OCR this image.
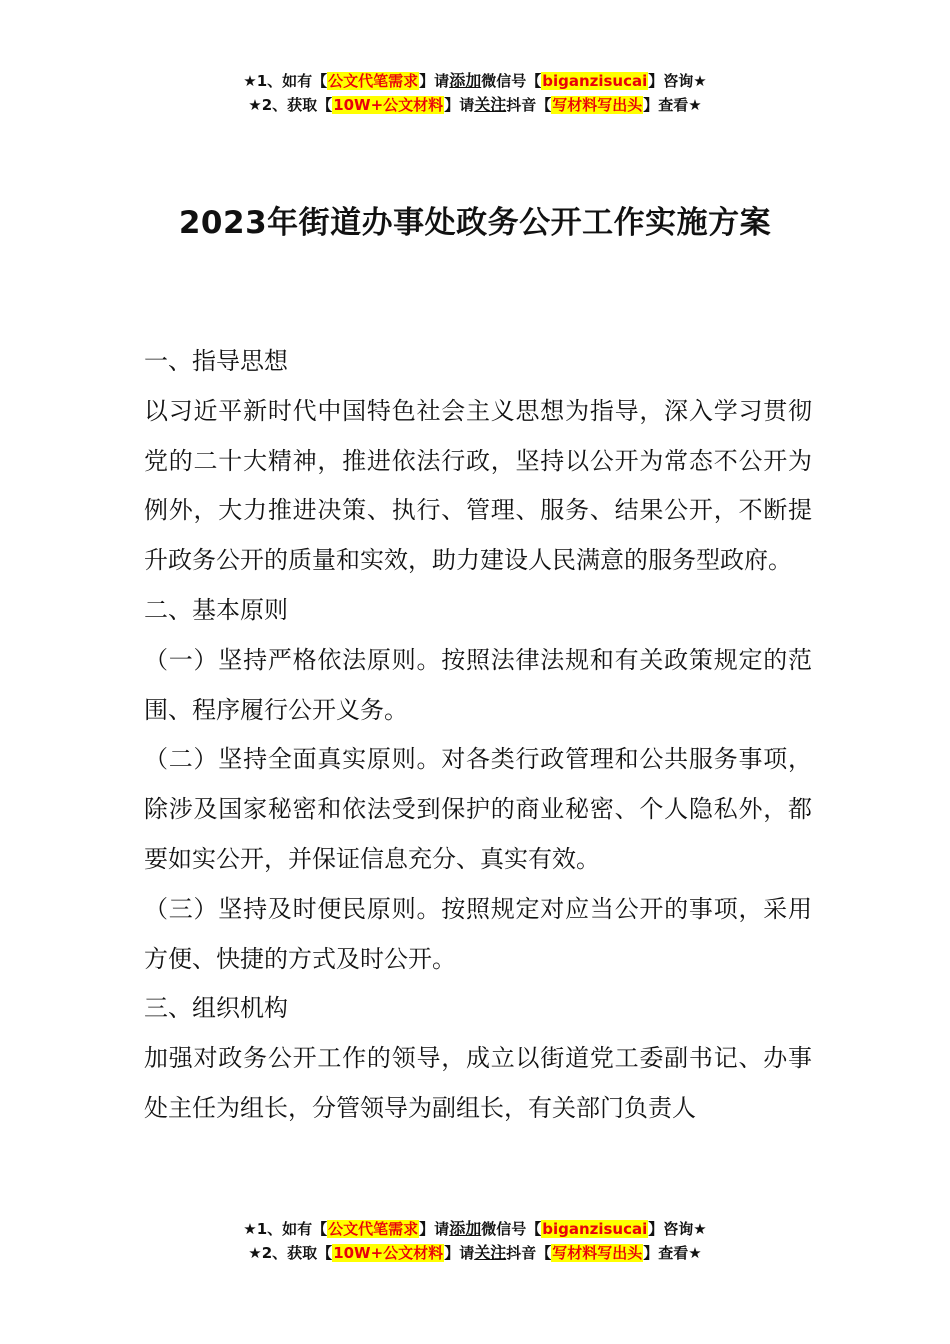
★1、如有【公文代笔需求】请添加微信号【biganzisucai】咨询★
★2、获取【10W+公文材料】请关注抖音【写材料写出头】查看★
2023年街道办事处政务公开工作实施方案

一、指导思想

以习近平新时代中国特色社会主义思想为指导，深入学习贯彻党的二十大精神，推进依法行政，坚持以公开为常态不公开为例外，大力推进决策、执行、管理、服务、结果公开，不断提升政务公开的质量和实效，助力建设人民满意的服务型政府。

二、基本原则

（一）坚持严格依法原则。按照法律法规和有关政策规定的范围、程序履行公开义务。

（二）坚持全面真实原则。对各类行政管理和公共服务事项，除涉及国家秘密和依法受到保护的商业秘密、个人隐私外，都要如实公开，并保证信息充分、真实有效。

（三）坚持及时便民原则。按照规定对应当公开的事项，采用方便、快捷的方式及时公开。

三、组织机构

加强对政务公开工作的领导，成立以街道党工委副书记、办事处主任为组长，分管领导为副组长，有关部门负责人

★1、如有【公文代笔需求】请添加微信号【biganzisucai】咨询★
★2、获取【10W+公文材料】请关注抖音【写材料写出头】查看★
